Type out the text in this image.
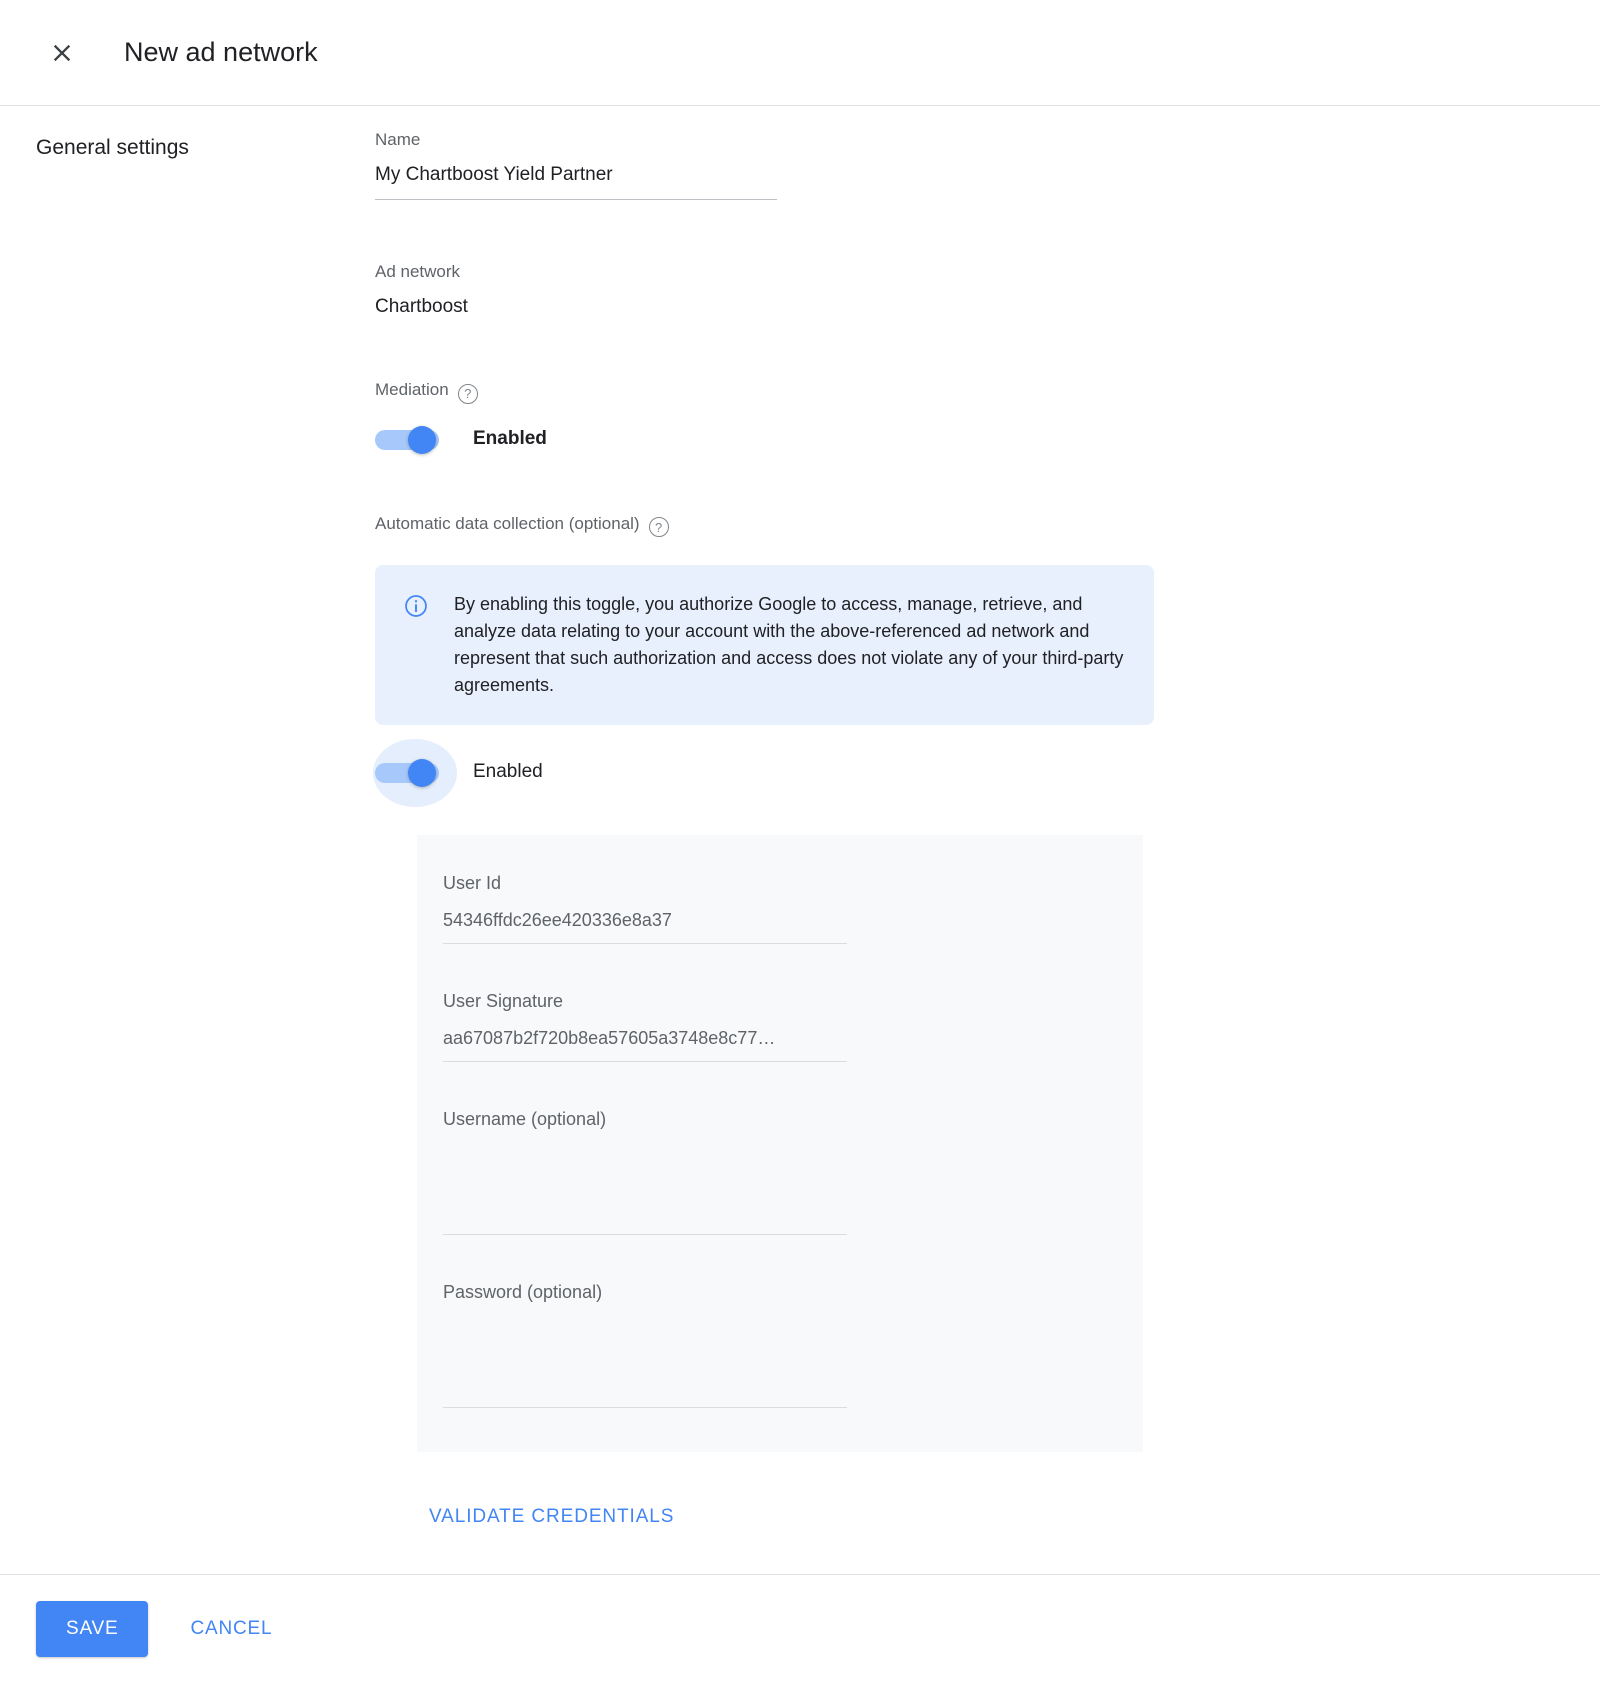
New ad network
General settings	Name
My Chartboost Yield Partner
Ad network
Chartboost
Mediation ?
Enabled
Automatic data collection (optional) ?
By enabling this toggle, you authorize Google to access, manage, retrieve, and analyze data relating to your account with the above-referenced ad network and represent that such authorization and access does not violate any of your third-party agreements.
Enabled
User Id
54346ffdc26ee420336e8a37
User Signature
aa67087b2f720b8ea57605a3748e8c77…
Username (optional)
Password (optional)
VALIDATE CREDENTIALS
SAVE	CANCEL
